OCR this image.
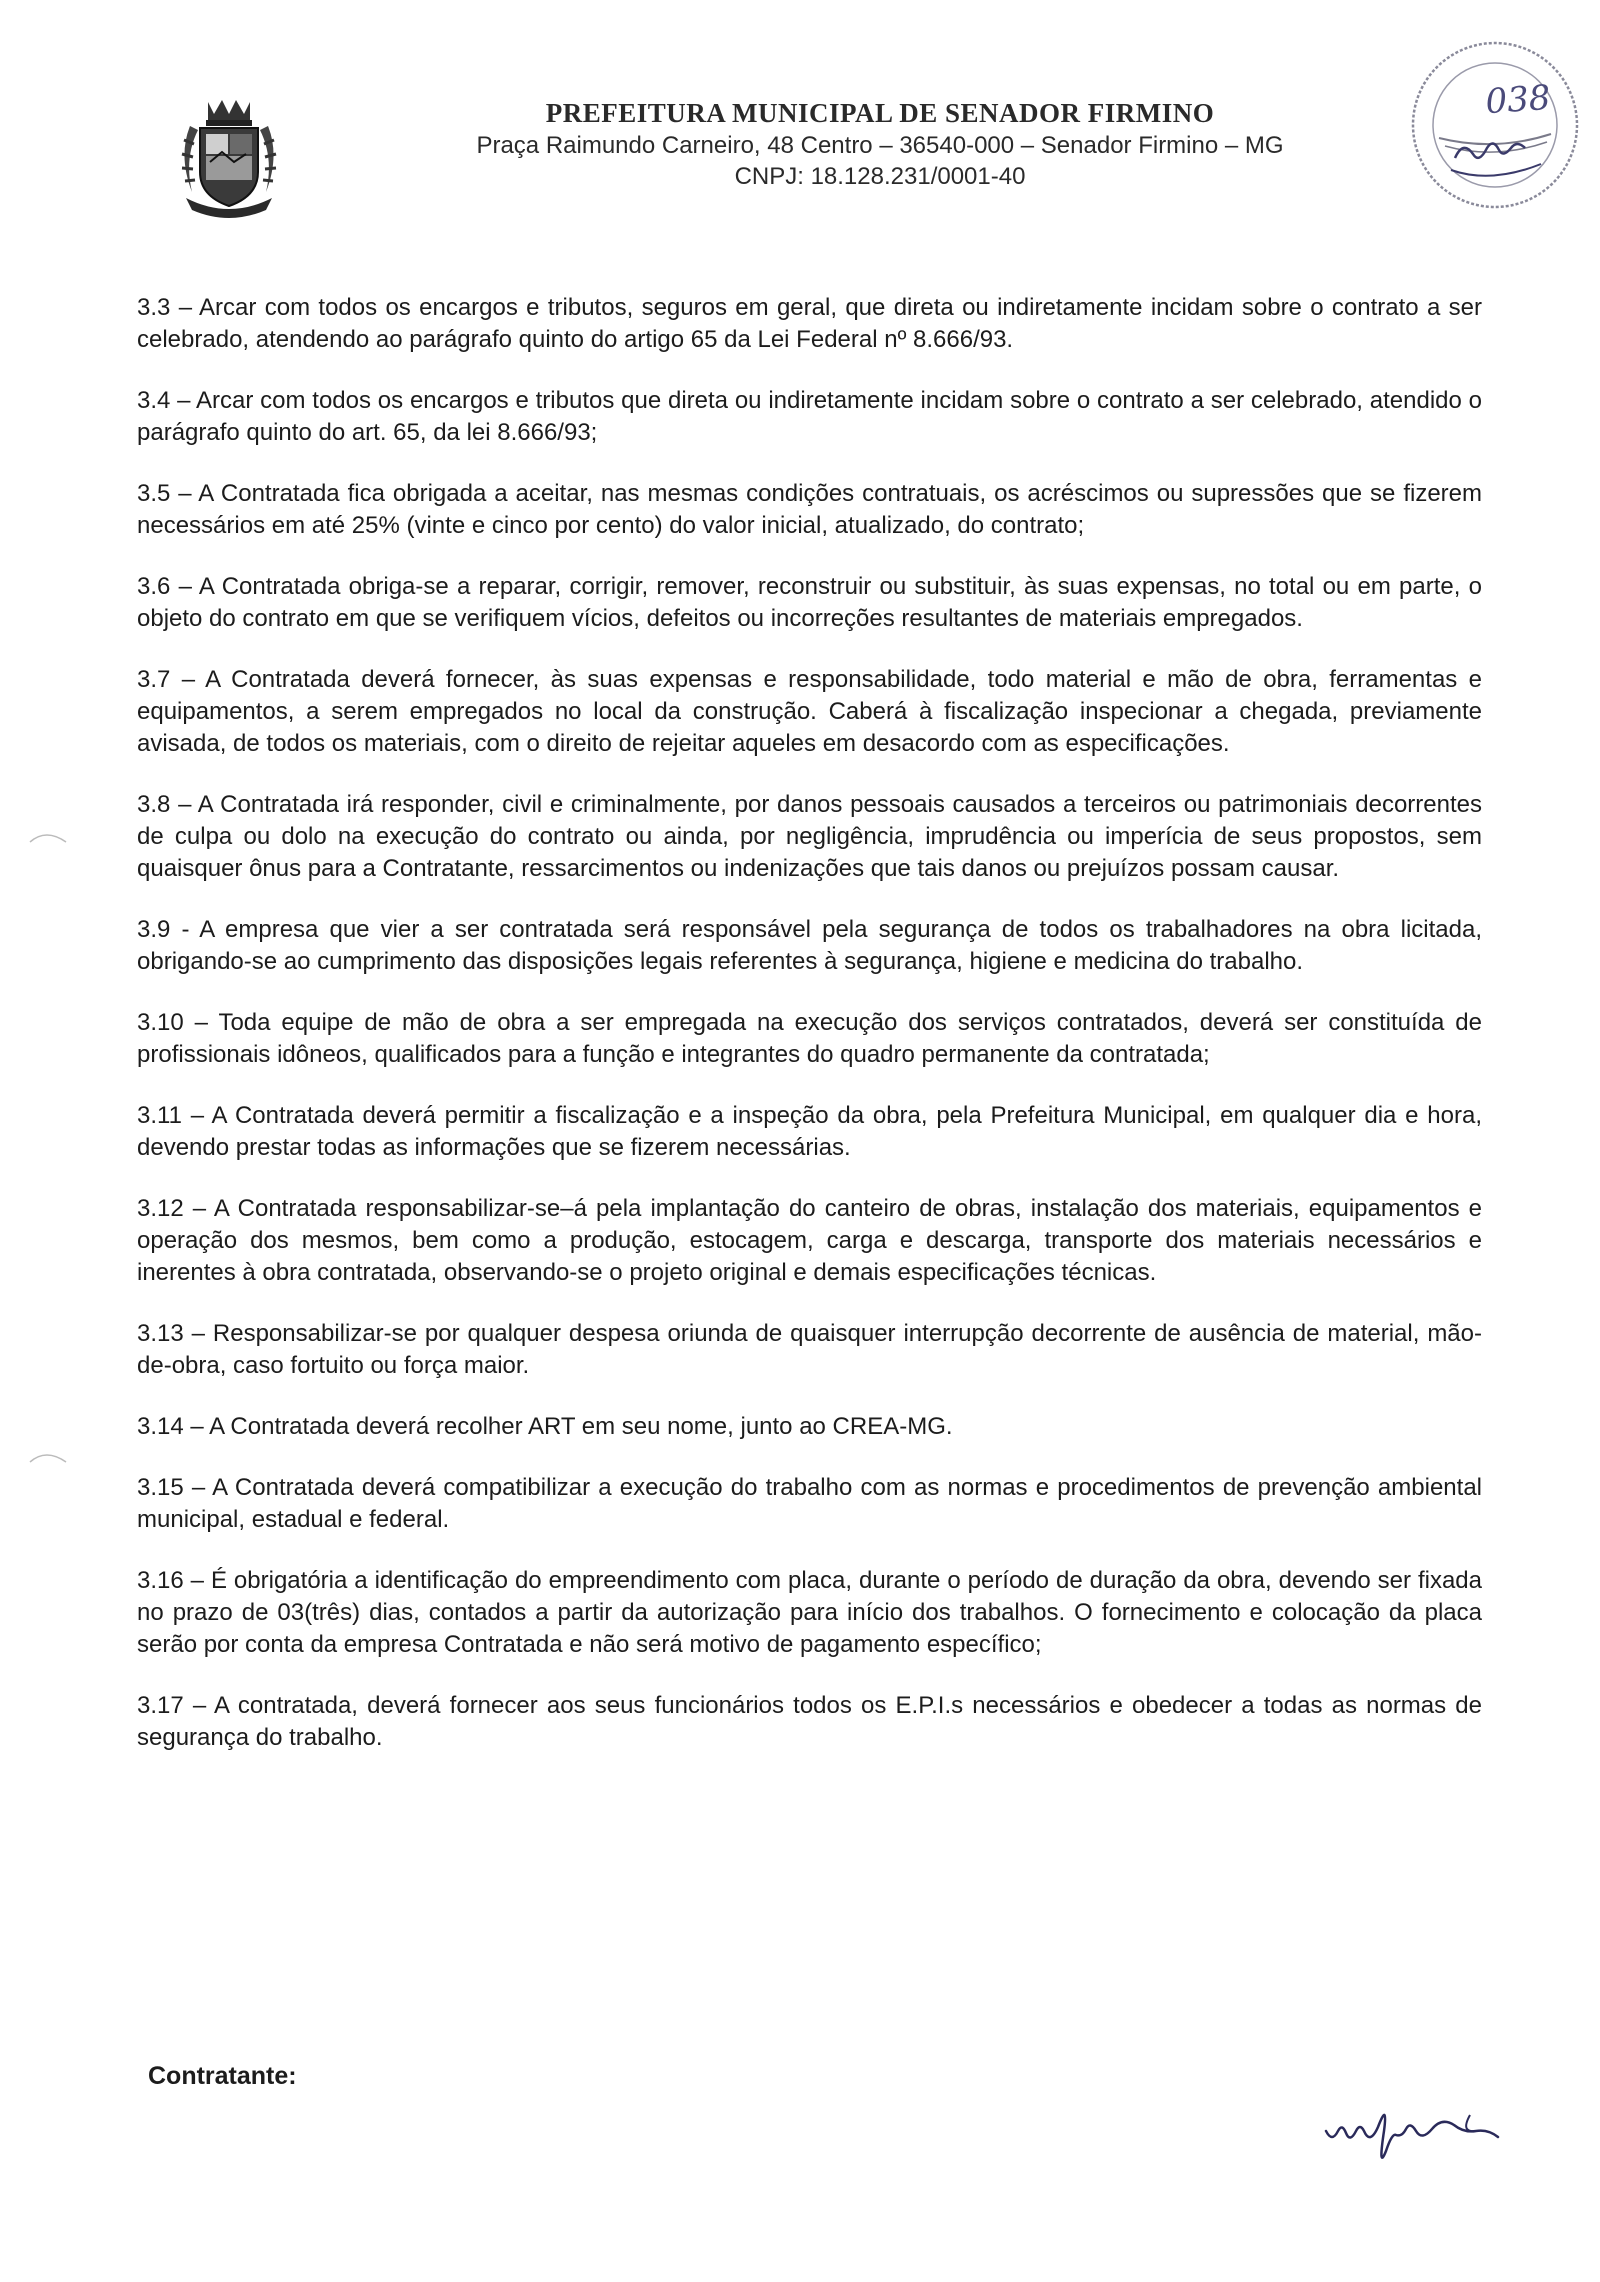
PREFEITURA MUNICIPAL DE SENADOR FIRMINO
Praça Raimundo Carneiro, 48 Centro – 36540-000 – Senador Firmino – MG
CNPJ: 18.128.231/0001-40
038

3.3 – Arcar com todos os encargos e tributos, seguros em geral, que direta ou indiretamente incidam sobre o contrato a ser celebrado, atendendo ao parágrafo quinto do artigo 65 da Lei Federal nº 8.666/93.

3.4 – Arcar com todos os encargos e tributos que direta ou indiretamente incidam sobre o contrato a ser celebrado, atendido o parágrafo quinto do art. 65, da lei 8.666/93;

3.5 – A Contratada fica obrigada a aceitar, nas mesmas condições contratuais, os acréscimos ou supressões que se fizerem necessários em até 25% (vinte e cinco por cento) do valor inicial, atualizado, do contrato;

3.6 – A Contratada obriga-se a reparar, corrigir, remover, reconstruir ou substituir, às suas expensas, no total ou em parte, o objeto do contrato em que se verifiquem vícios, defeitos ou incorreções resultantes de materiais empregados.

3.7 – A Contratada deverá fornecer, às suas expensas e responsabilidade, todo material e mão de obra, ferramentas e equipamentos, a serem empregados no local da construção. Caberá à fiscalização inspecionar a chegada, previamente avisada, de todos os materiais, com o direito de rejeitar aqueles em desacordo com as especificações.

3.8 – A Contratada irá responder, civil e criminalmente, por danos pessoais causados a terceiros ou patrimoniais decorrentes de culpa ou dolo na execução do contrato ou ainda, por negligência, imprudência ou imperícia de seus propostos, sem quaisquer ônus para a Contratante, ressarcimentos ou indenizações que tais danos ou prejuízos possam causar.

3.9 - A empresa que vier a ser contratada será responsável pela segurança de todos os trabalhadores na obra licitada, obrigando-se ao cumprimento das disposições legais referentes à segurança, higiene e medicina do trabalho.

3.10 – Toda equipe de mão de obra a ser empregada na execução dos serviços contratados, deverá ser constituída de profissionais idôneos, qualificados para a função e integrantes do quadro permanente da contratada;

3.11 – A Contratada deverá permitir a fiscalização e a inspeção da obra, pela Prefeitura Municipal, em qualquer dia e hora, devendo prestar todas as informações que se fizerem necessárias.

3.12 – A Contratada responsabilizar-se–á pela implantação do canteiro de obras, instalação dos materiais, equipamentos e operação dos mesmos, bem como a produção, estocagem, carga e descarga, transporte dos materiais necessários e inerentes à obra contratada, observando-se o projeto original e demais especificações técnicas.

3.13 – Responsabilizar-se por qualquer despesa oriunda de quaisquer interrupção decorrente de ausência de material, mão-de-obra, caso fortuito ou força maior.

3.14 – A Contratada deverá recolher ART em seu nome, junto ao CREA-MG.

3.15 – A Contratada deverá compatibilizar a execução do trabalho com as normas e procedimentos de prevenção ambiental municipal, estadual e federal.

3.16 – É obrigatória a identificação do empreendimento com placa, durante o período de duração da obra, devendo ser fixada no prazo de 03(três) dias, contados a partir da autorização para início dos trabalhos. O fornecimento e colocação da placa serão por conta da empresa Contratada e não será motivo de pagamento específico;

3.17 – A contratada, deverá fornecer aos seus funcionários todos os E.P.I.s necessários e obedecer a todas as normas de segurança do trabalho.

Contratante:
